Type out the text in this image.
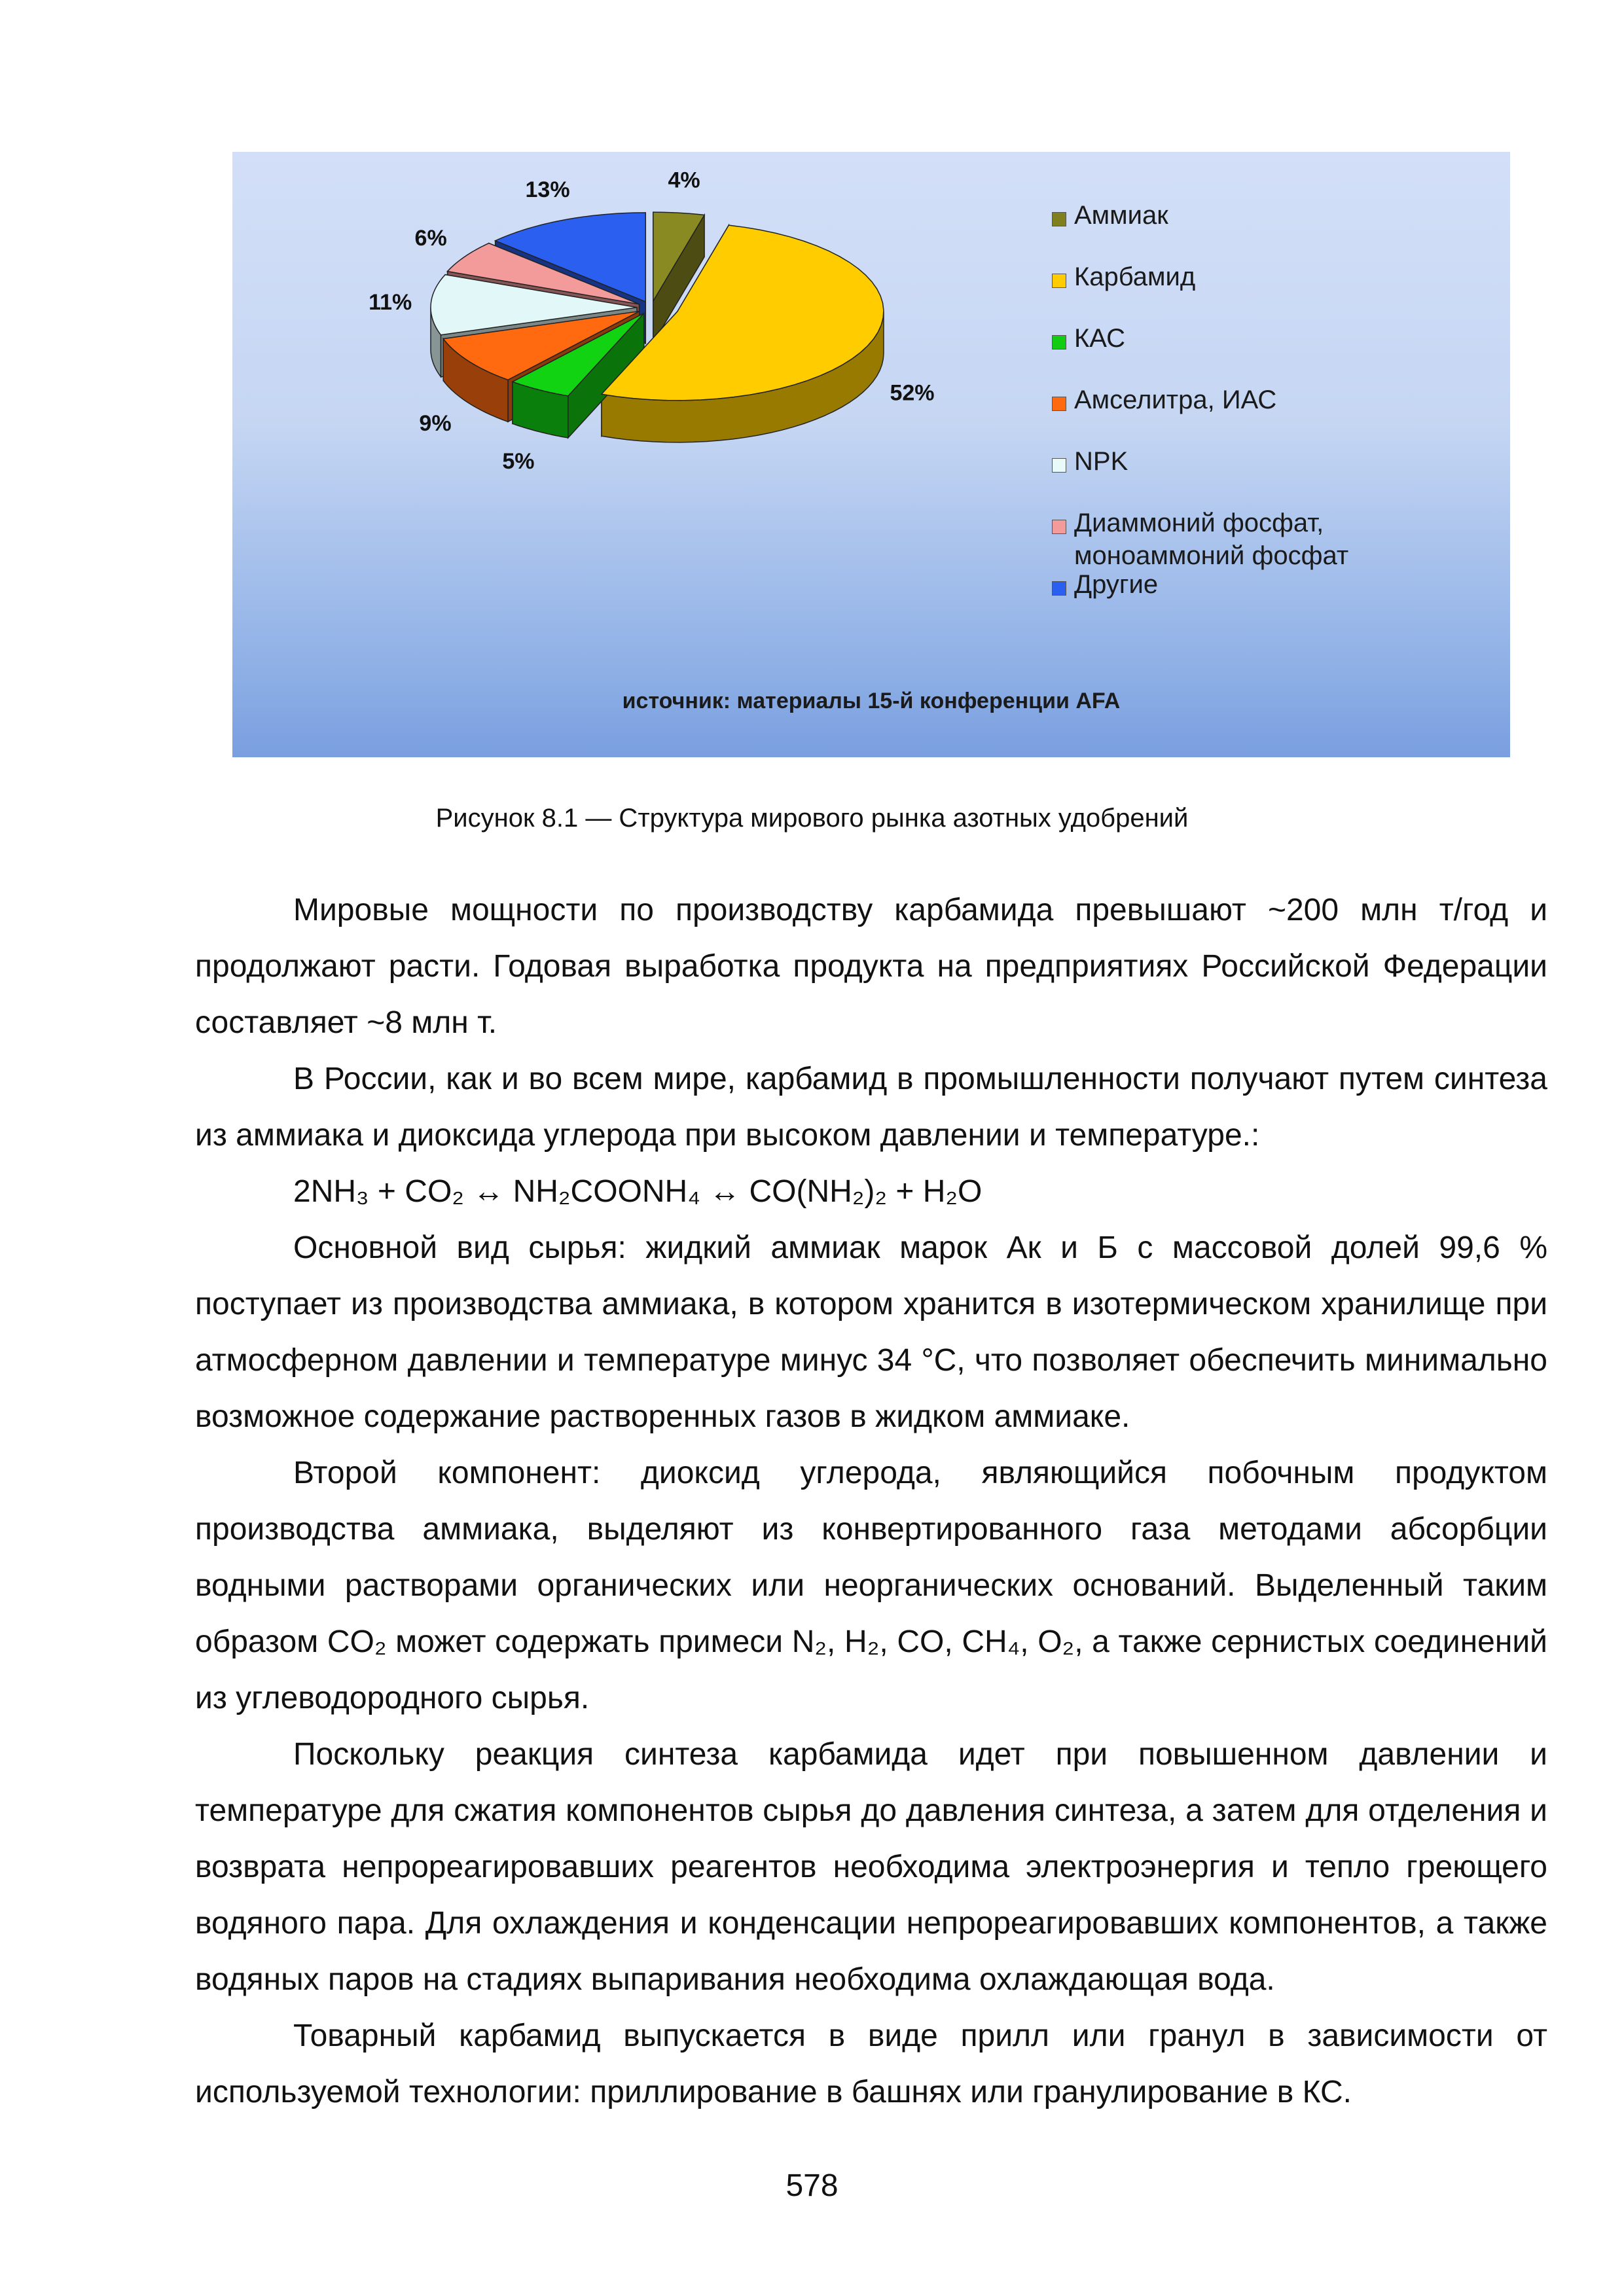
4%
52%
5%
9%
11%
6%
13%
Аммиак
Карбамид
КАС
Амселитра, ИАС
NPK
Диаммоний фосфат, моноаммоний фосфат
Другие
источник: материалы 15-й конференции AFA
Рисунок 8.1 — Структура мирового рынка азотных удобрений

Мировые мощности по производству карбамида превышают ~200 млн т/год и продолжают расти. Годовая выработка продукта на предприятиях Российской Федерации составляет ~8 млн т.

В России, как и во всем мире, карбамид в промышленности получают путем синтеза из аммиака и диоксида углерода при высоком давлении и температуре.:

2NH₃ + CO₂ ↔ NH₂COONH₄ ↔ CO(NH₂)₂ + H₂O

Основной вид сырья: жидкий аммиак марок Ак и Б с массовой долей 99,6 % поступает из производства аммиака, в котором хранится в изотермическом хранилище при атмосферном давлении и температуре минус 34 °С, что позволяет обеспечить минимально возможное содержание растворенных газов в жидком аммиаке.

Второй компонент: диоксид углерода, являющийся побочным продуктом производства аммиака, выделяют из конвертированного газа методами абсорбции водными растворами органических или неорганических оснований. Выделенный таким образом CO₂ может содержать примеси N₂, H₂, CO, CH₄, O₂, а также сернистых соединений из углеводородного сырья.

Поскольку реакция синтеза карбамида идет при повышенном давлении и температуре для сжатия компонентов сырья до давления синтеза, а затем для отделения и возврата непрореагировавших реагентов необходима электроэнергия и тепло греющего водяного пара. Для охлаждения и конденсации непрореагировавших компонентов, а также водяных паров на стадиях выпаривания необходима охлаждающая вода.

Товарный карбамид выпускается в виде прилл или гранул в зависимости от используемой технологии: приллирование в башнях или гранулирование в КС.

578
